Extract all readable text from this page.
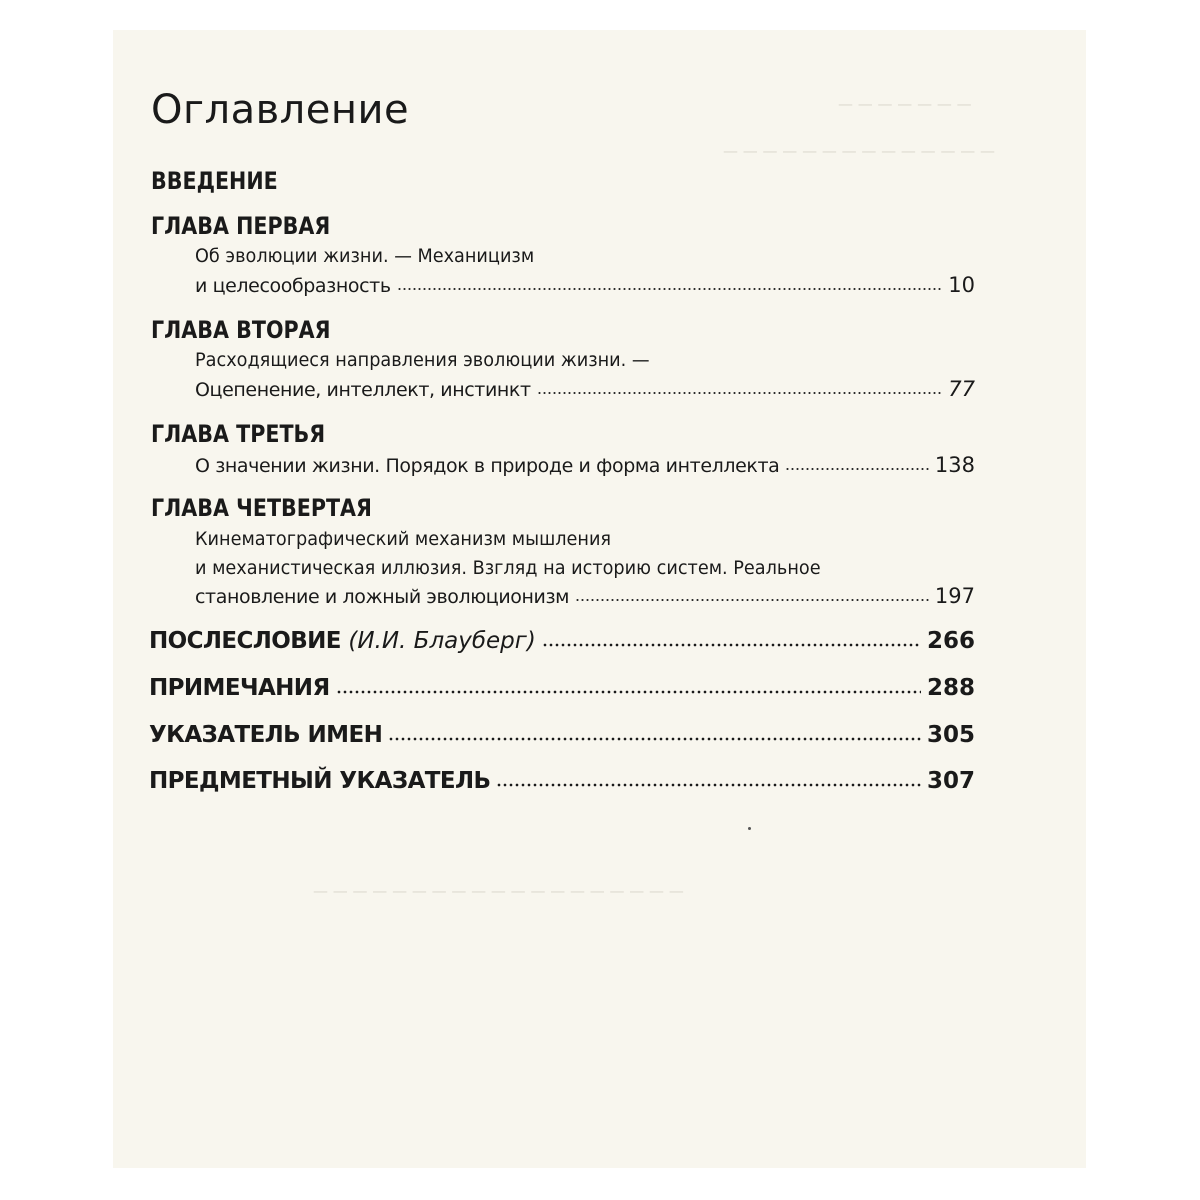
— — — — — — —
— — — — — — — — — — — — — —
— — — — — — — — — — — — — — — — — — —
Оглавление
ВВЕДЕНИЕ
ГЛАВА ПЕРВАЯ
Об эволюции жизни. — Механицизм
и целесообразность	10
ГЛАВА ВТОРАЯ
Расходящиеся направления эволюции жизни. —
Оцепенение, интеллект, инстинкт	77
ГЛАВА ТРЕТЬЯ
О значении жизни. Порядок в природе и форма интеллекта	138
ГЛАВА ЧЕТВЕРТАЯ
Кинематографический механизм мышления
и механистическая иллюзия. Взгляд на историю систем. Реальное
становление и ложный эволюционизм	197
ПОСЛЕСЛОВИЕ (И.И. Блауберг)	266
ПРИМЕЧАНИЯ	288
УКАЗАТЕЛЬ ИМЕН	305
ПРЕДМЕТНЫЙ УКАЗАТЕЛЬ	307
